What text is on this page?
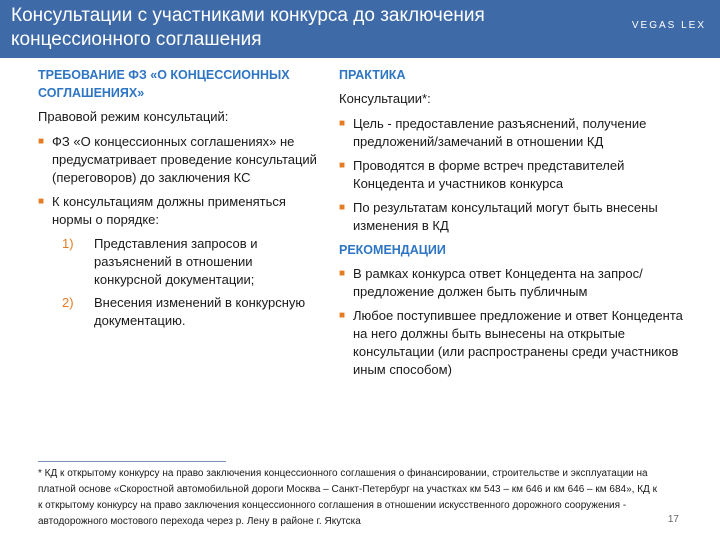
Консультации с участниками конкурса до заключения концессионного соглашения
VEGAS LEX
ТРЕБОВАНИЕ ФЗ «О КОНЦЕССИОННЫХ СОГЛАШЕНИЯХ»
Правовой режим консультаций:
■ ФЗ «О концессионных соглашениях» не предусматривает проведение консультаций (переговоров) до заключения КС
■ К консультациям должны применяться нормы о порядке:
1) Представления запросов и разъяснений в отношении конкурсной документации;
2) Внесения изменений в конкурсную документацию.
ПРАКТИКА
Консультации*:
■ Цель - предоставление разъяснений, получение предложений/замечаний в отношении КД
■ Проводятся в форме встреч представителей Концедента и участников конкурса
■ По результатам консультаций могут быть внесены изменения в КД
РЕКОМЕНДАЦИИ
■ В рамках конкурса ответ Концедента на запрос/предложение должен быть публичным
■ Любое поступившее предложение и ответ Концедента на него должны быть вынесены на открытые консультации (или распространены среди участников иным способом)
* КД к открытому конкурсу на право заключения концессионного соглашения о финансировании, строительстве и эксплуатации на платной основе «Скоростной автомобильной дороги Москва – Санкт-Петербург на участках км 543 – км 646 и км 646 – км 684», КД к к открытому конкурсу на право заключения концессионного соглашения в отношении искусственного дорожного сооружения - автодорожного мостового перехода через р. Лену в районе г. Якутска	17
